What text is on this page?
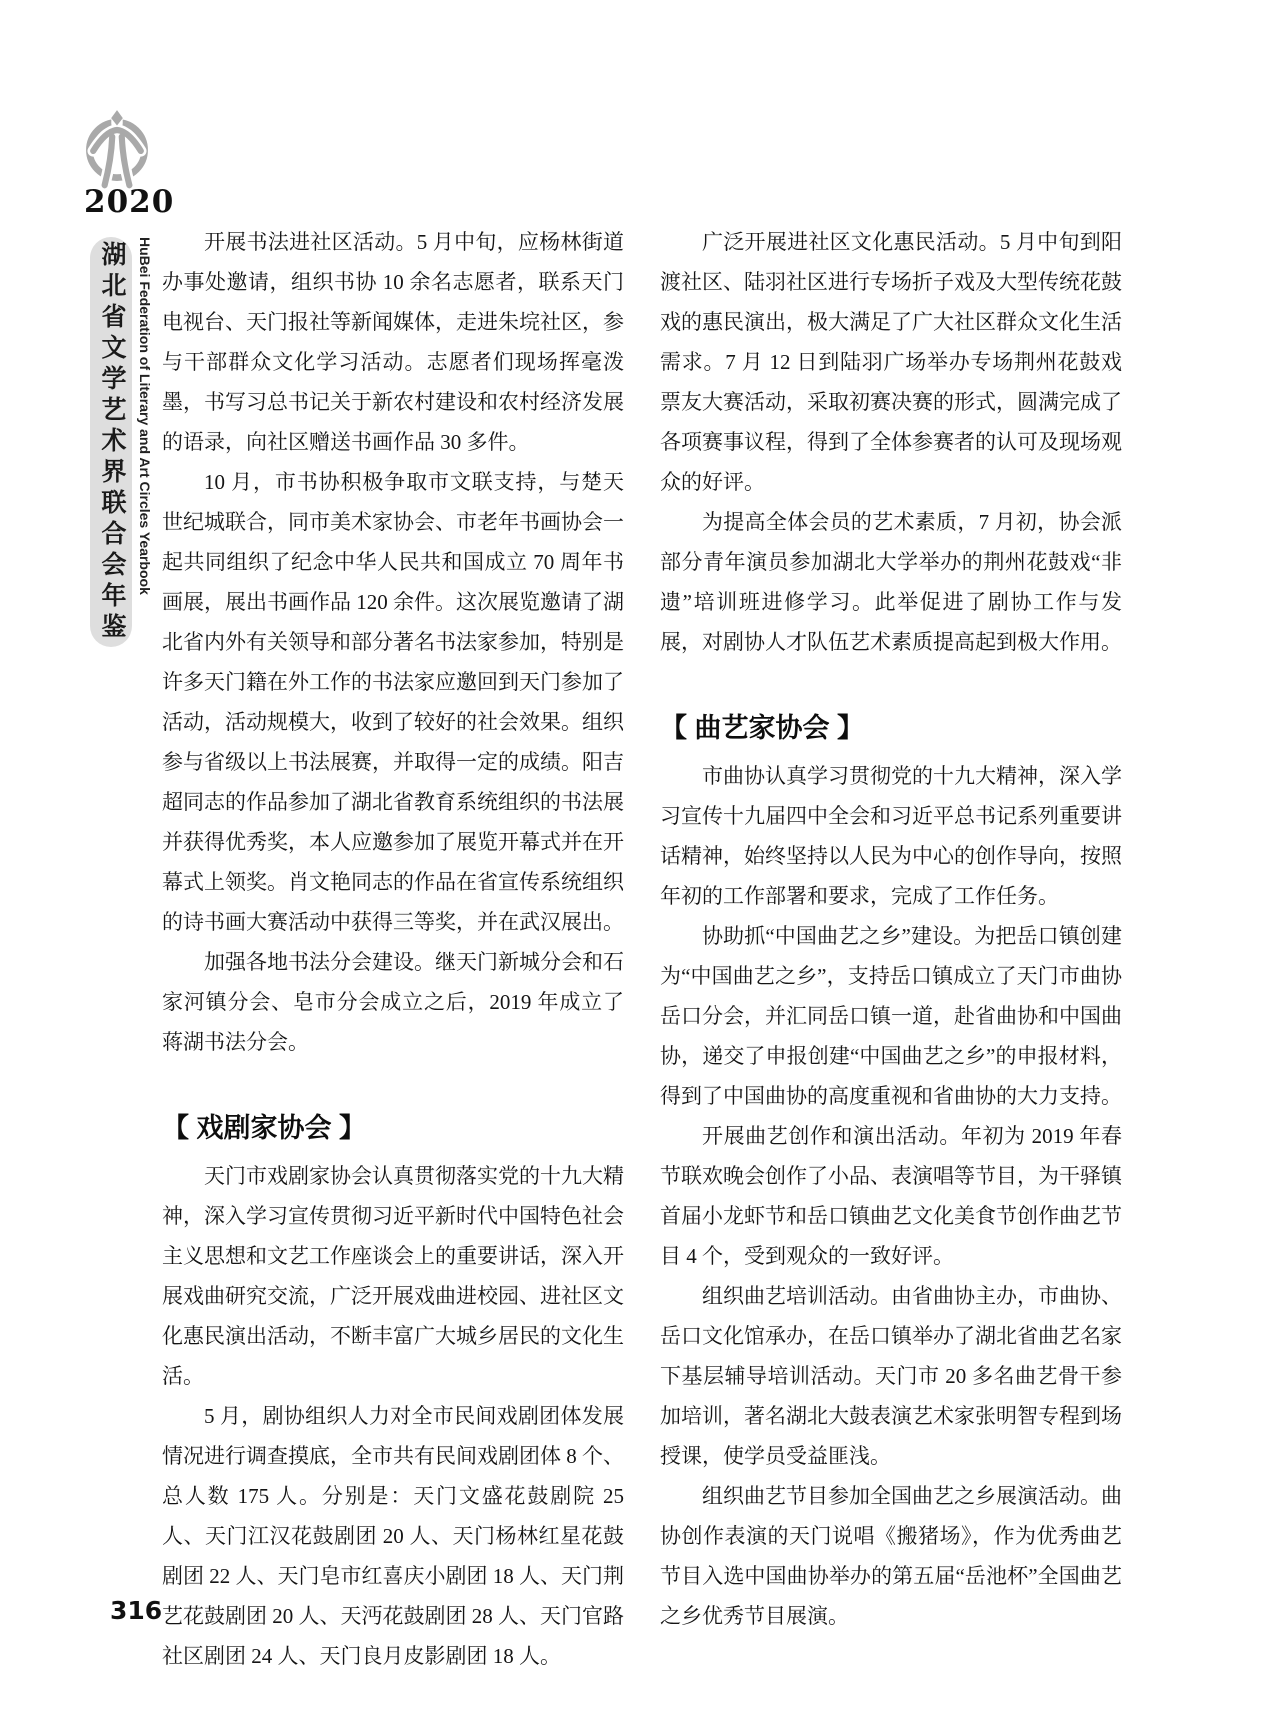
2020
湖北省文学艺术界联合会年鉴 HuBei Federation of Literary and Art Circles Yearbook	开展书法进社区活动。5 月中旬，应杨林街道办事处邀请，组织书协 10 余名志愿者，联系天门电视台、天门报社等新闻媒体，走进朱垸社区，参与干部群众文化学习活动。志愿者们现场挥毫泼墨，书写习总书记关于新农村建设和农村经济发展的语录，向社区赠送书画作品 30 多件。

10 月，市书协积极争取市文联支持，与楚天世纪城联合，同市美术家协会、市老年书画协会一起共同组织了纪念中华人民共和国成立 70 周年书画展，展出书画作品 120 余件。这次展览邀请了湖北省内外有关领导和部分著名书法家参加，特别是许多天门籍在外工作的书法家应邀回到天门参加了活动，活动规模大，收到了较好的社会效果。组织参与省级以上书法展赛，并取得一定的成绩。阳吉超同志的作品参加了湖北省教育系统组织的书法展并获得优秀奖，本人应邀参加了展览开幕式并在开幕式上领奖。肖文艳同志的作品在省宣传系统组织的诗书画大赛活动中获得三等奖，并在武汉展出。

加强各地书法分会建设。继天门新城分会和石家河镇分会、皂市分会成立之后，2019 年成立了蒋湖书法分会。

【 戏剧家协会 】

天门市戏剧家协会认真贯彻落实党的十九大精神，深入学习宣传贯彻习近平新时代中国特色社会主义思想和文艺工作座谈会上的重要讲话，深入开展戏曲研究交流，广泛开展戏曲进校园、进社区文化惠民演出活动，不断丰富广大城乡居民的文化生活。

5 月，剧协组织人力对全市民间戏剧团体发展情况进行调查摸底，全市共有民间戏剧团体 8 个、总人数 175 人。分别是：天门文盛花鼓剧院 25 人、天门江汉花鼓剧团 20 人、天门杨林红星花鼓剧团 22 人、天门皂市红喜庆小剧团 18 人、天门荆艺花鼓剧团 20 人、天沔花鼓剧团 28 人、天门官路社区剧团 24 人、天门良月皮影剧团 18 人。

广泛开展进社区文化惠民活动。5 月中旬到阳渡社区、陆羽社区进行专场折子戏及大型传统花鼓戏的惠民演出，极大满足了广大社区群众文化生活需求。7 月 12 日到陆羽广场举办专场荆州花鼓戏票友大赛活动，采取初赛决赛的形式，圆满完成了各项赛事议程，得到了全体参赛者的认可及现场观众的好评。

为提高全体会员的艺术素质，7 月初，协会派部分青年演员参加湖北大学举办的荆州花鼓戏“非遗”培训班进修学习。此举促进了剧协工作与发展，对剧协人才队伍艺术素质提高起到极大作用。

【 曲艺家协会 】

市曲协认真学习贯彻党的十九大精神，深入学习宣传十九届四中全会和习近平总书记系列重要讲话精神，始终坚持以人民为中心的创作导向，按照年初的工作部署和要求，完成了工作任务。

协助抓“中国曲艺之乡”建设。为把岳口镇创建为“中国曲艺之乡”，支持岳口镇成立了天门市曲协岳口分会，并汇同岳口镇一道，赴省曲协和中国曲协，递交了申报创建“中国曲艺之乡”的申报材料，得到了中国曲协的高度重视和省曲协的大力支持。

开展曲艺创作和演出活动。年初为 2019 年春节联欢晚会创作了小品、表演唱等节目，为干驿镇首届小龙虾节和岳口镇曲艺文化美食节创作曲艺节目 4 个，受到观众的一致好评。

组织曲艺培训活动。由省曲协主办，市曲协、岳口文化馆承办，在岳口镇举办了湖北省曲艺名家下基层辅导培训活动。天门市 20 多名曲艺骨干参加培训，著名湖北大鼓表演艺术家张明智专程到场授课，使学员受益匪浅。

组织曲艺节目参加全国曲艺之乡展演活动。曲协创作表演的天门说唱《搬猪场》，作为优秀曲艺节目入选中国曲协举办的第五届“岳池杯”全国曲艺之乡优秀节目展演。

316
